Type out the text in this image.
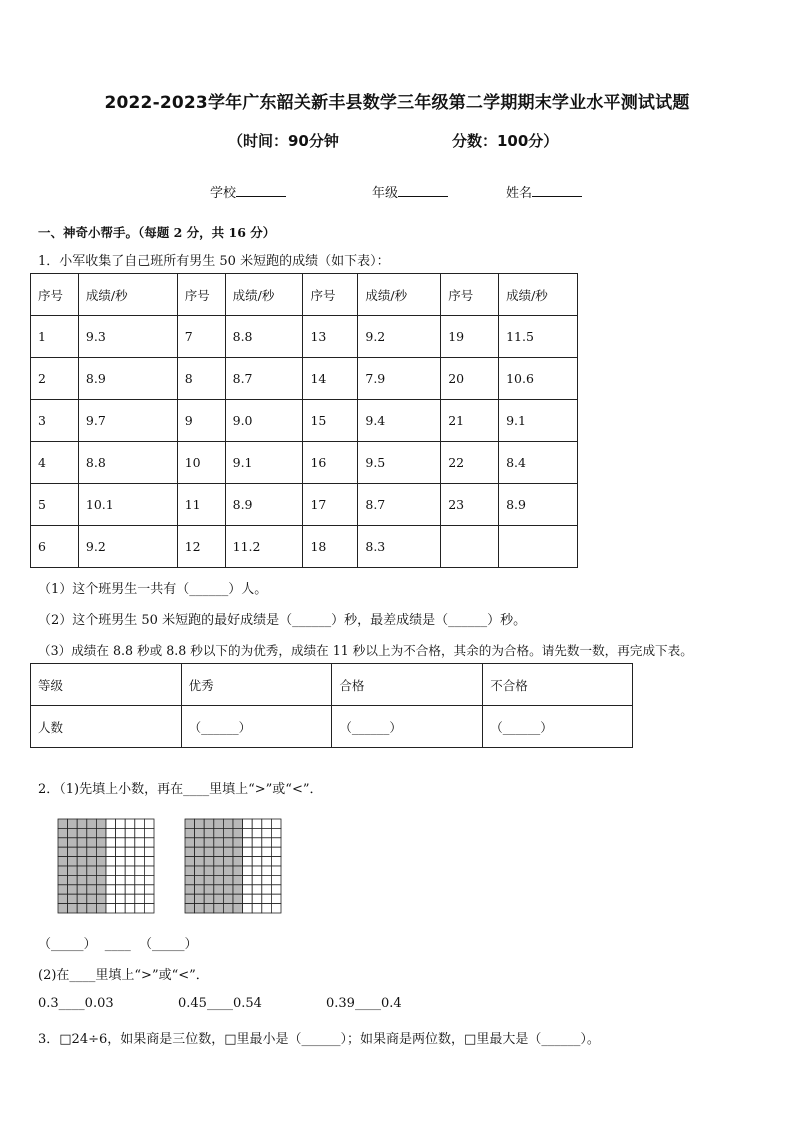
2022-2023学年广东韶关新丰县数学三年级第二学期期末学业水平测试试题
（时间：90分钟	分数：100分）
学校	年级	姓名
一、神奇小帮手。（每题 2 分，共 16 分）
1．小军收集了自己班所有男生 50 米短跑的成绩（如下表）：
序号	成绩/秒	序号	成绩/秒	序号	成绩/秒	序号	成绩/秒
1	9.3	7	8.8	13	9.2	19	11.5
2	8.9	8	8.7	14	7.9	20	10.6
3	9.7	9	9.0	15	9.4	21	9.1
4	8.8	10	9.1	16	9.5	22	8.4
5	10.1	11	8.9	17	8.7	23	8.9
6	9.2	12	11.2	18	8.3		
（1）这个班男生一共有（______）人。
（2）这个班男生 50 米短跑的最好成绩是（______）秒，最差成绩是（______）秒。
（3）成绩在 8.8 秒或 8.8 秒以下的为优秀，成绩在 11 秒以上为不合格，其余的为合格。请先数一数，再完成下表。
等级	优秀	合格	不合格
人数	（______）	（______）	（______）
2．（1)先填上小数，再在____里填上“>”或“<”．
（_____）  ____  （_____）
(2)在____里填上“>”或“<”．
0.3____0.03	0.45____0.54	0.39____0.4
3．□24÷6，如果商是三位数，□里最小是（______）；如果商是两位数，□里最大是（______）。
